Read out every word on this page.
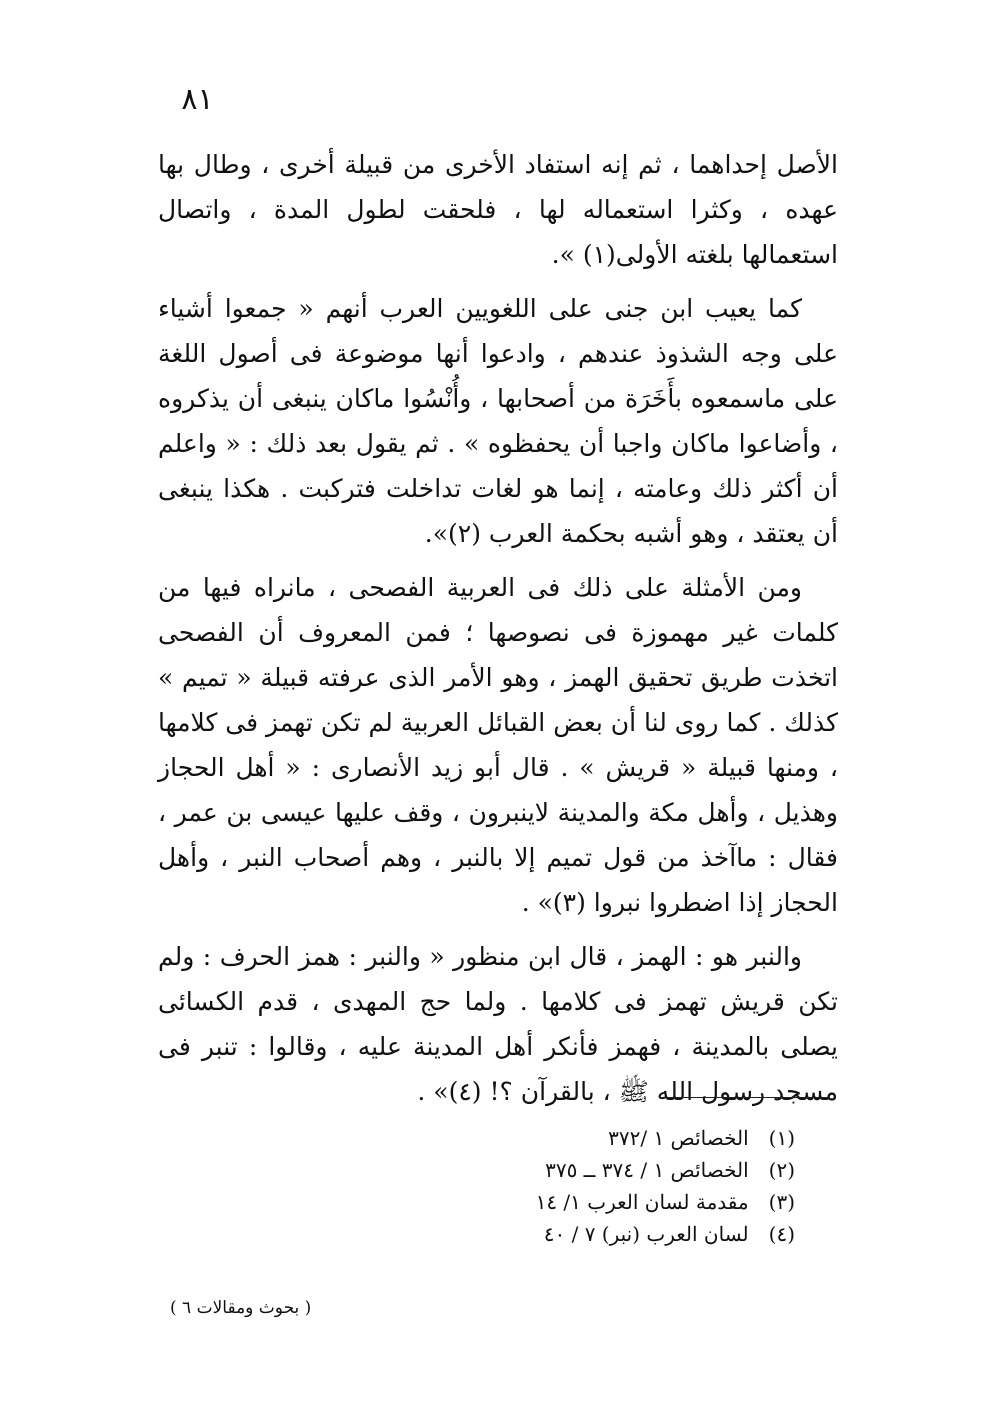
٨١

الأصل إحداهما ، ثم إنه استفاد الأخرى من قبيلة أخرى ، وطال بها عهده ، وكثرا استعماله لها ، فلحقت لطول المدة ، واتصال استعمالها بلغته الأولى(١) ».

كما يعيب ابن جنى على اللغويين العرب أنهم « جمعوا أشياء على وجه الشذوذ عندهم ، وادعوا أنها موضوعة فى أصول اللغة على ماسمعوه بأَخَرَة من أصحابها ، وأُنْسُوا ماكان ينبغى أن يذكروه ، وأضاعوا ماكان واجبا أن يحفظوه » . ثم يقول بعد ذلك : « واعلم أن أكثر ذلك وعامته ، إنما هو لغات تداخلت فتركبت . هكذا ينبغى أن يعتقد ، وهو أشبه بحكمة العرب (٢)».

ومن الأمثلة على ذلك فى العربية الفصحى ، مانراه فيها من كلمات غير مهموزة فى نصوصها ؛ فمن المعروف أن الفصحى اتخذت طريق تحقيق الهمز ، وهو الأمر الذى عرفته قبيلة « تميم » كذلك . كما روى لنا أن بعض القبائل العربية لم تكن تهمز فى كلامها ، ومنها قبيلة « قريش » . قال أبو زيد الأنصارى : « أهل الحجاز وهذيل ، وأهل مكة والمدينة لاينبرون ، وقف عليها عيسى بن عمر ، فقال : ماآخذ من قول تميم إلا بالنبر ، وهم أصحاب النبر ، وأهل الحجاز إذا اضطروا نبروا (٣)» .

والنبر هو : الهمز ، قال ابن منظور « والنبر : همز الحرف : ولم تكن قريش تهمز فى كلامها . ولما حج المهدى ، قدم الكسائى يصلى بالمدينة ، فهمز فأنكر أهل المدينة عليه ، وقالوا : تنبر فى مسجد رسول الله ﷺ ، بالقرآن ؟! (٤)» .

(١) الخصائص ١ /٣٧٢
(٢) الخصائص ١ / ٣٧٤ ــ ٣٧٥
(٣) مقدمة لسان العرب ١/ ١٤
(٤) لسان العرب (نبر) ٧ / ٤٠
( بحوث ومقالات ٦ )
